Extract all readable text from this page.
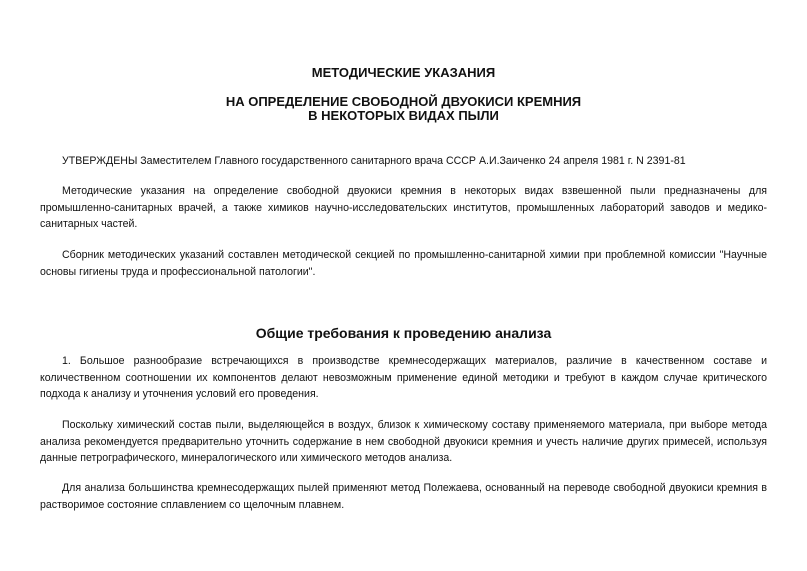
МЕТОДИЧЕСКИЕ УКАЗАНИЯ
НА ОПРЕДЕЛЕНИЕ СВОБОДНОЙ ДВУОКИСИ КРЕМНИЯ
В НЕКОТОРЫХ ВИДАХ ПЫЛИ

УТВЕРЖДЕНЫ Заместителем Главного государственного санитарного врача СССР А.И.Заиченко 24 апреля 1981 г. N 2391-81

Методические указания на определение свободной двуокиси кремния в некоторых видах взвешенной пыли предназначены для промышленно-санитарных врачей, а также химиков научно-исследовательских институтов, промышленных лабораторий заводов и медико-санитарных частей.

Сборник методических указаний составлен методической секцией по промышленно-санитарной химии при проблемной комиссии "Научные основы гигиены труда и профессиональной патологии".

Общие требования к проведению анализа

1. Большое разнообразие встречающихся в производстве кремнесодержащих материалов, различие в качественном составе и количественном соотношении их компонентов делают невозможным применение единой методики и требуют в каждом случае критического подхода к анализу и уточнения условий его проведения.

Поскольку химический состав пыли, выделяющейся в воздух, близок к химическому составу применяемого материала, при выборе метода анализа рекомендуется предварительно уточнить содержание в нем свободной двуокиси кремния и учесть наличие других примесей, используя данные петрографического, минералогического или химического методов анализа.

Для анализа большинства кремнесодержащих пылей применяют метод Полежаева, основанный на переводе свободной двуокиси кремния в растворимое состояние сплавлением со щелочным плавнем.
